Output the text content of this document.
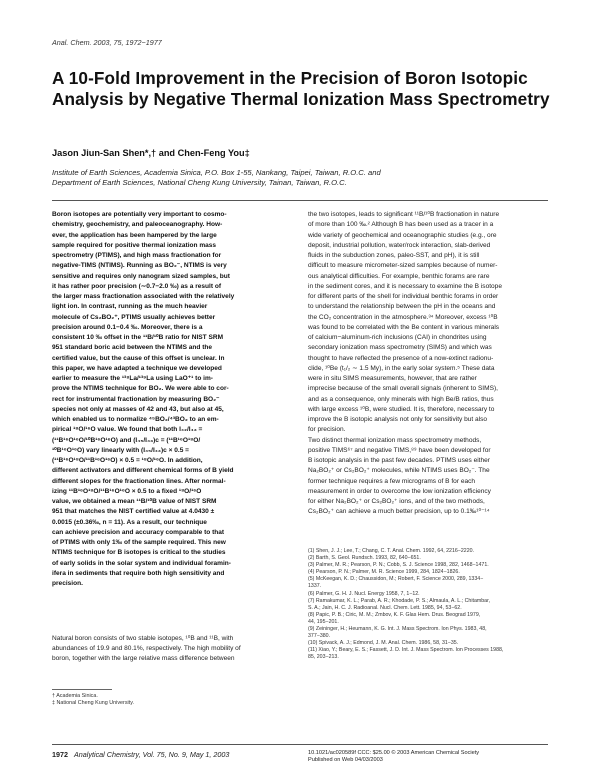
Anal. Chem. 2003, 75, 1972−1977
A 10-Fold Improvement in the Precision of Boron Isotopic Analysis by Negative Thermal Ionization Mass Spectrometry
Jason Jiun-San Shen*,† and Chen-Feng You‡
Institute of Earth Sciences, Academia Sinica, P.O. Box 1-55, Nankang, Taipei, Taiwan, R.O.C. and
Department of Earth Sciences, National Cheng Kung University, Tainan, Taiwan, R.O.C.
Boron isotopes are potentially very important to cosmo-
chemistry, geochemistry, and paleoceanography. How-
ever, the application has been hampered by the large
sample required for positive thermal ionization mass
spectrometry (PTIMS), and high mass fractionation for
negative-TIMS (NTIMS). Running as BO₂⁻, NTIMS is very
sensitive and requires only nanogram sized samples, but
it has rather poor precision (∼0.7−2.0 ‰) as a result of
the larger mass fractionation associated with the relatively
light ion. In contrast, running as the much heavier
molecule of Cs₂BO₂⁺, PTIMS usually achieves better
precision around 0.1−0.4 ‰. Moreover, there is a
consistent 10 ‰ offset in the ¹¹B/¹⁰B ratio for NIST SRM
951 standard boric acid between the NTIMS and the
certified value, but the cause of this offset is unclear. In
this paper, we have adapted a technique we developed
earlier to measure the ¹³⁸La/¹³⁹La using LaO⁺¹ to im-
prove the NTIMS technique for BO₂. We were able to cor-
rect for instrumental fractionation by measuring BO₂⁻
species not only at masses of 42 and 43, but also at 45,
which enabled us to normalize ⁴⁵BO₂/⁴³BO₂ to an em-
pirical ¹⁸O/¹⁶O value. We found that both I₄₂/I₄₃ =
(¹¹B¹⁶O¹⁶O/¹⁰B¹⁶O¹⁶O) and (I₄₅/I₄₃)c = (¹¹B¹⁶O¹⁸O/
¹⁰B¹⁶O¹⁶O) vary linearly with (I₄₅/I₄₃)c × 0.5 =
(¹¹B¹⁶O¹⁸O/¹¹B¹⁶O¹⁶O) × 0.5 = ¹⁸O/¹⁶O. In addition,
different activators and different chemical forms of B yield
different slopes for the fractionation lines. After normal-
izing ¹¹B¹⁶O¹⁸O/¹¹B¹⁶O¹⁶O × 0.5 to a fixed ¹⁸O/¹⁶O
value, we obtained a mean ¹¹B/¹⁰B value of NIST SRM
951 that matches the NIST certified value at 4.0430 ±
0.0015 (±0.36‰, n = 11). As a result, our technique
can achieve precision and accuracy comparable to that
of PTIMS with only 1‰ of the sample required. This new
NTIMS technique for B isotopes is critical to the studies
of early solids in the solar system and individual foramin-
ifera in sediments that require both high sensitivity and
precision.
Natural boron consists of two stable isotopes, ¹⁰B and ¹¹B, with
abundances of 19.9 and 80.1%, respectively. The high mobility of
boron, together with the large relative mass difference between
† Academia Sinica.
‡ National Cheng Kung University.
the two isotopes, leads to significant ¹¹B/¹⁰B fractionation in nature
of more than 100 ‰.² Although B has been used as a tracer in a
wide variety of geochemical and oceanographic studies (e.g., ore
deposit, industrial pollution, water/rock interaction, slab-derived
fluids in the subduction zones, paleo-SST, and pH), it is still
difficult to measure micrometer-sized samples because of numer-
ous analytical difficulties. For example, benthic forams are rare
in the sediment cores, and it is necessary to examine the B isotope
for different parts of the shell for individual benthic forams in order
to understand the relationship between the pH in the oceans and
the CO₂ concentration in the atmosphere.³⁴ Moreover, excess ¹⁰B
was found to be correlated with the Be content in various minerals
of calcium−aluminum-rich inclusions (CAI) in chondrites using
secondary ionization mass spectrometry (SIMS) and which was
thought to have reflected the presence of a now-extinct radionu-
clide, ¹⁰Be (t₁/₂ ∼ 1.5 My), in the early solar system.⁵ These data
were in situ SIMS measurements, however, that are rather
imprecise because of the small overall signals (inherent to SIMS),
and as a consequence, only minerals with high Be/B ratios, thus
with large excess ¹⁰B, were studied. It is, therefore, necessary to
improve the B isotopic analysis not only for sensitivity but also
for precision.
Two distinct thermal ionization mass spectrometry methods,
positive TIMS⁶⁷ and negative TIMS,⁸⁹ have been developed for
B isotopic analysis in the past few decades. PTIMS uses either
Na₂BO₂⁺ or Cs₂BO₂⁺ molecules, while NTIMS uses BO₂⁻. The
former technique requires a few micrograms of B for each
measurement in order to overcome the low ionization efficiency
for either Na₂BO₂⁺ or Cs₂BO₂⁺ ions, and of the two methods,
Cs₂BO₂⁺ can achieve a much better precision, up to 0.1‰¹⁰⁻¹⁴
(1) Shen, J. J.; Lee, T.; Chang, C. T. Anal. Chem. 1992, 64, 2216−2220.
(2) Barth, S. Geol. Rundsch. 1993, 82, 640−651.
(3) Palmer, M. R.; Pearson, P. N.; Cobb, S. J. Science 1998, 282, 1468−1471.
(4) Pearson, P. N.; Palmer, M. R. Science 1999, 284, 1824−1826.
(5) McKeegan, K. D.; Chaussidon, M.; Robert, F. Science 2000, 289, 1334−
1337.
(6) Palmer, G. H. J. Nucl. Energy 1958, 7, 1−12.
(7) Ramakumar, K. L.; Parab, A. R.; Khodade, P. S.; Almaula, A. L.; Chitambar,
S. A.; Jain, H. C. J. Radioanal. Nucl. Chem. Lett. 1985, 94, 53−62.
(8) Papic, P. B.; Ciric, M. M.; Zmbov, K. F. Glas Hem. Drus. Beograd 1979,
44, 195−201.
(9) Zeininger, H.; Heumann, K. G. Int. J. Mass Spectrom. Ion Phys. 1983, 48,
377−380.
(10) Spivack, A. J.; Edmond, J. M. Anal. Chem. 1986, 58, 31−35.
(11) Xiao, Y.; Beary, E. S.; Fassett, J. D. Int. J. Mass Spectrom. Ion Processes 1988,
85, 203−213.
1972 Analytical Chemistry, Vol. 75, No. 9, May 1, 2003	10.1021/ac020589f CCC: $25.00 © 2003 American Chemical Society
Published on Web 04/03/2003
